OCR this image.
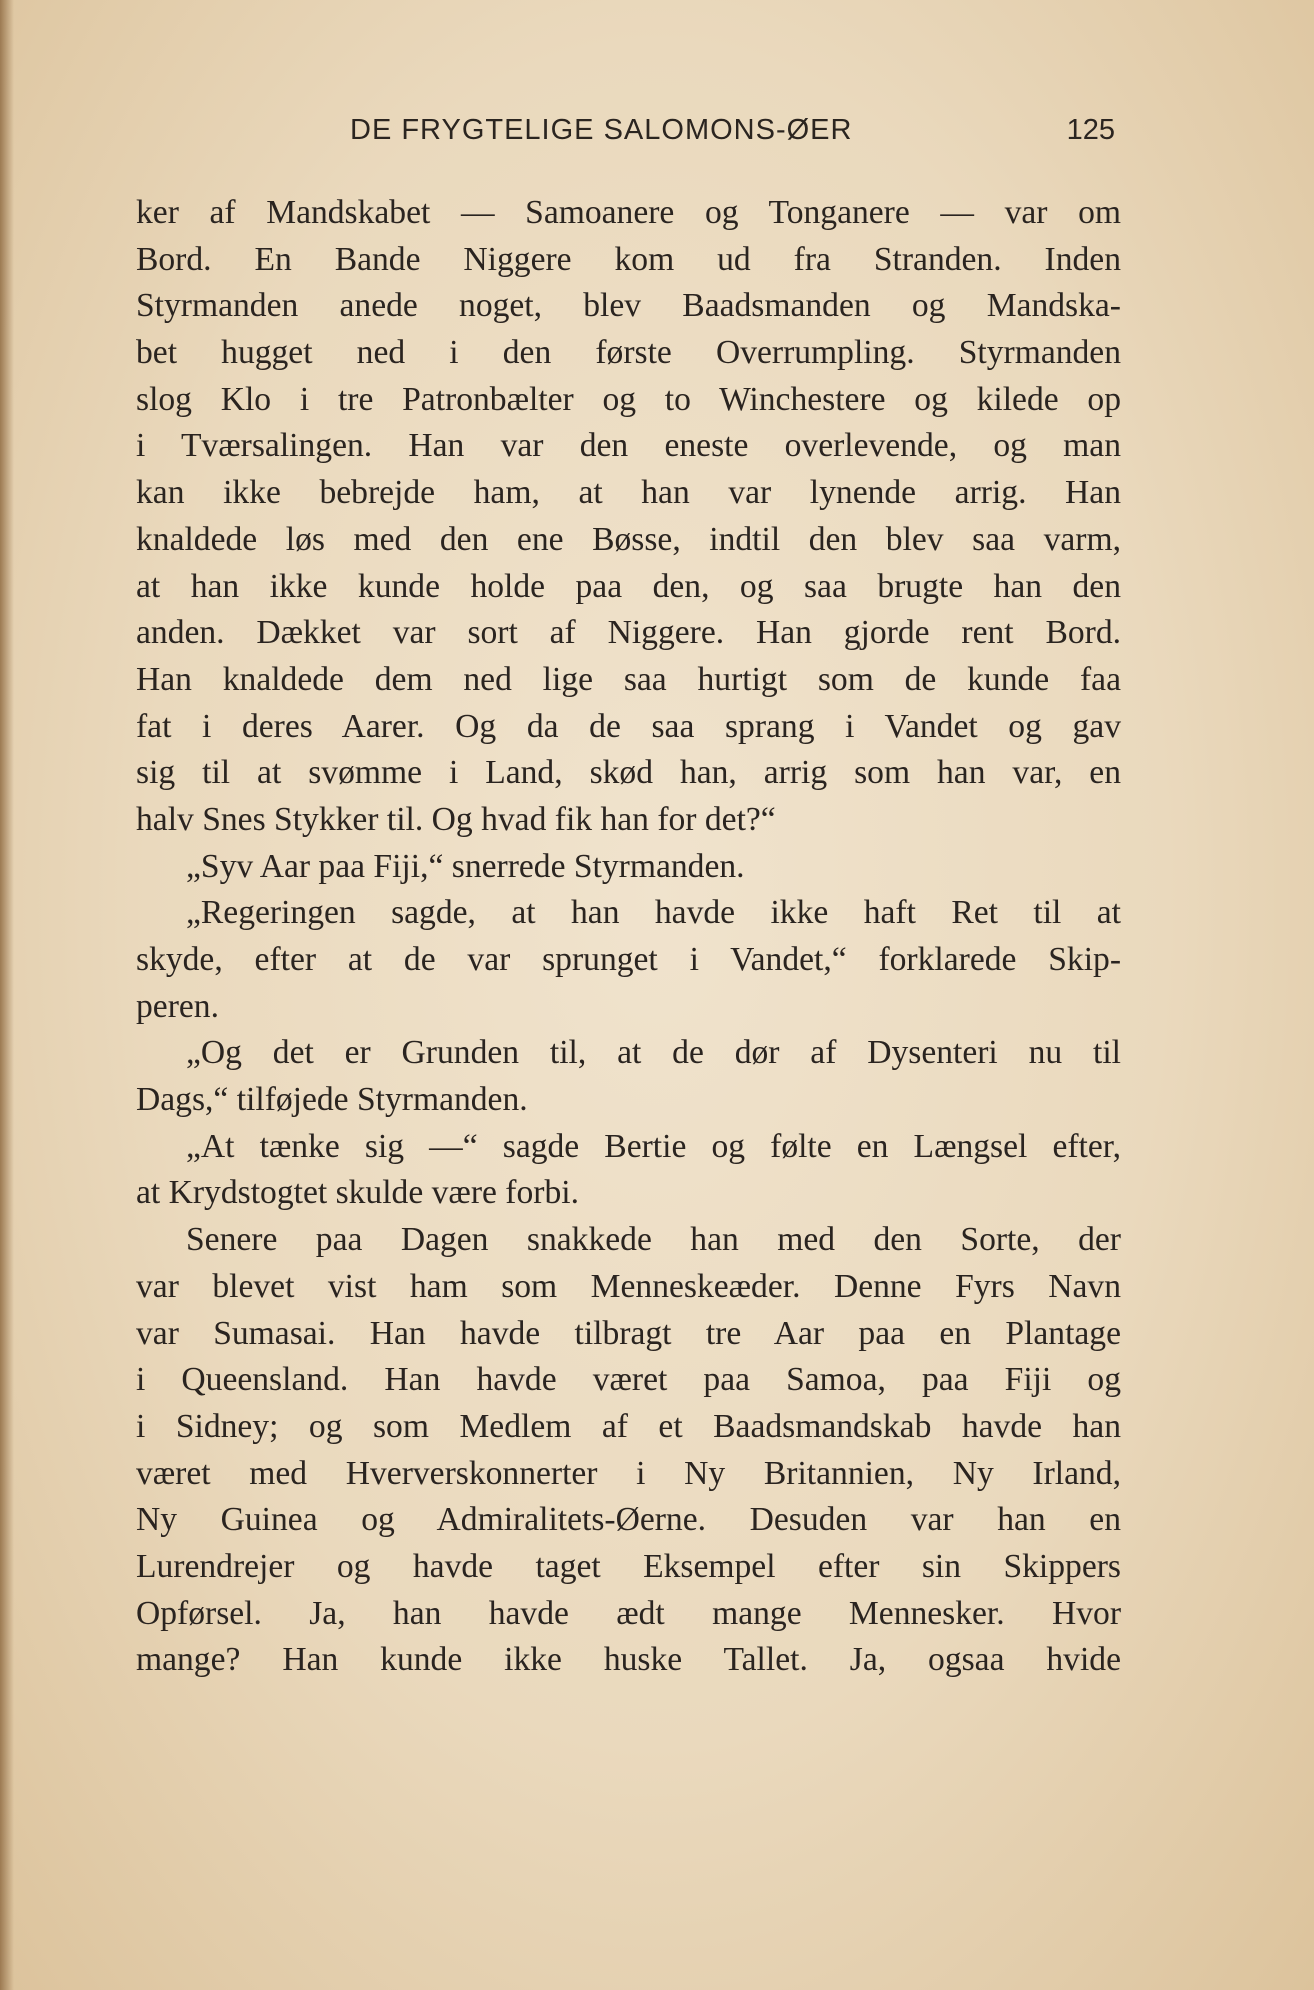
DE FRYGTELIGE SALOMONS-ØER	125
ker af Mandskabet — Samoanere og Tonganere — var om
Bord. En Bande Niggere kom ud fra Stranden. Inden
Styrmanden anede noget, blev Baadsmanden og Mandska-
bet hugget ned i den første Overrumpling. Styrmanden
slog Klo i tre Patronbælter og to Winchestere og kilede op
i Tværsalingen. Han var den eneste overlevende, og man
kan ikke bebrejde ham, at han var lynende arrig. Han
knaldede løs med den ene Bøsse, indtil den blev saa varm,
at han ikke kunde holde paa den, og saa brugte han den
anden. Dækket var sort af Niggere. Han gjorde rent Bord.
Han knaldede dem ned lige saa hurtigt som de kunde faa
fat i deres Aarer. Og da de saa sprang i Vandet og gav
sig til at svømme i Land, skød han, arrig som han var, en
halv Snes Stykker til. Og hvad fik han for det?“
„Syv Aar paa Fiji,“ snerrede Styrmanden.
„Regeringen sagde, at han havde ikke haft Ret til at
skyde, efter at de var sprunget i Vandet,“ forklarede Skip-
peren.
„Og det er Grunden til, at de dør af Dysenteri nu til
Dags,“ tilføjede Styrmanden.
„At tænke sig —“ sagde Bertie og følte en Længsel efter,
at Krydstogtet skulde være forbi.
Senere paa Dagen snakkede han med den Sorte, der
var blevet vist ham som Menneskeæder. Denne Fyrs Navn
var Sumasai. Han havde tilbragt tre Aar paa en Plantage
i Queensland. Han havde været paa Samoa, paa Fiji og
i Sidney; og som Medlem af et Baadsmandskab havde han
været med Hververskonnerter i Ny Britannien, Ny Irland,
Ny Guinea og Admiralitets-Øerne. Desuden var han en
Lurendrejer og havde taget Eksempel efter sin Skippers
Opførsel. Ja, han havde ædt mange Mennesker. Hvor
mange? Han kunde ikke huske Tallet. Ja, ogsaa hvide
